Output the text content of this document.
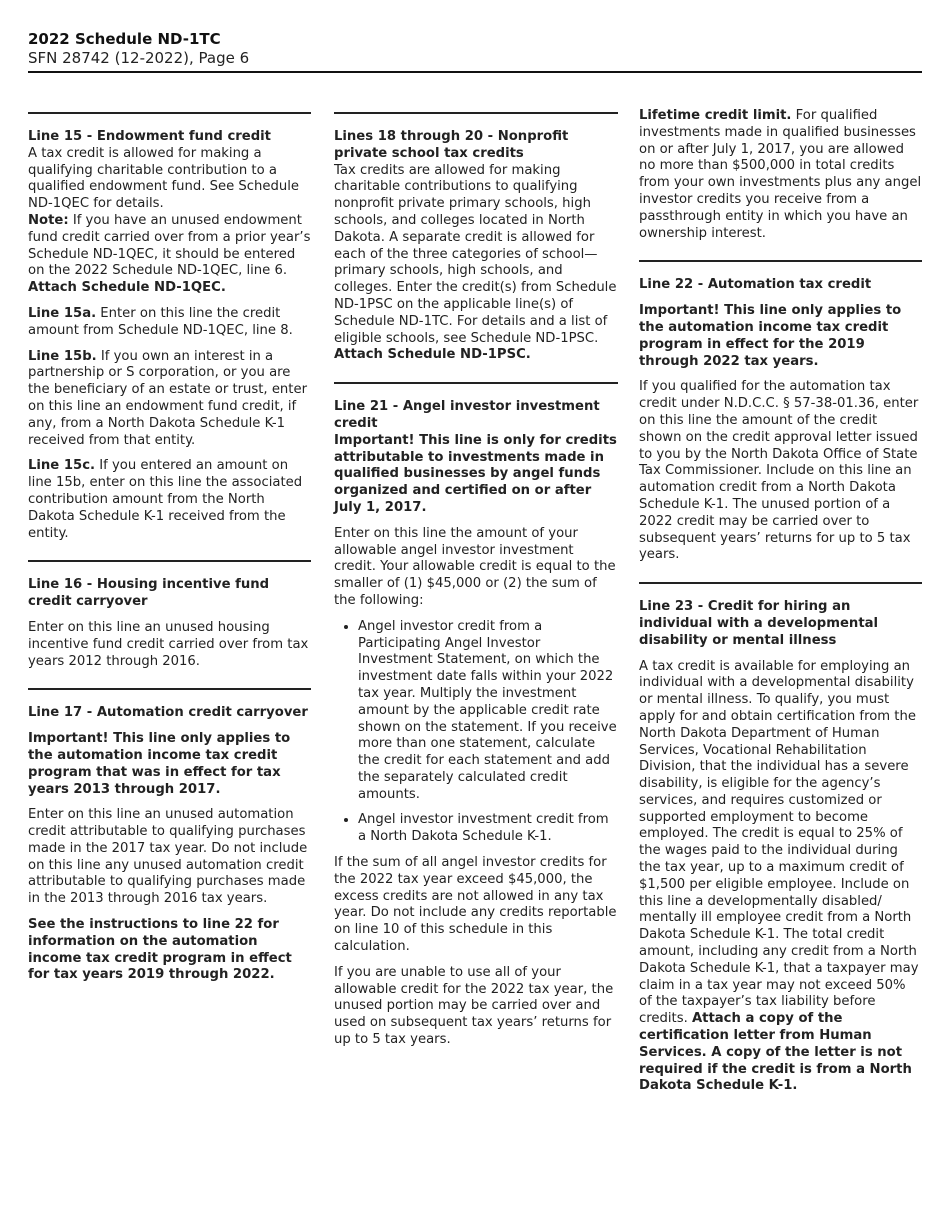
2022 Schedule ND-1TC
SFN 28742 (12-2022), Page 6

Line 15 - Endowment fund credit

A tax credit is allowed for making a qualifying charitable contribution to a qualified endowment fund. See Schedule ND-1QEC for details.

Note: If you have an unused endowment fund credit carried over from a prior year’s Schedule ND-1QEC, it should be entered on the 2022 Schedule ND-1QEC, line 6. Attach Schedule ND-1QEC.

Line 15a. Enter on this line the credit amount from Schedule ND-1QEC, line 8.

Line 15b. If you own an interest in a partnership or S corporation, or you are the beneficiary of an estate or trust, enter on this line an endowment fund credit, if any, from a North Dakota Schedule K-1 received from that entity.

Line 15c. If you entered an amount on line 15b, enter on this line the associated contribution amount from the North Dakota Schedule K-1 received from the entity.

Line 16 - Housing incentive fund credit carryover

Enter on this line an unused housing incentive fund credit carried over from tax years 2012 through 2016.

Line 17 - Automation credit carryover

Important! This line only applies to the automation income tax credit program that was in effect for tax years 2013 through 2017.

Enter on this line an unused automation credit attributable to qualifying purchases made in the 2017 tax year. Do not include on this line any unused automation credit attributable to qualifying purchases made in the 2013 through 2016 tax years.

See the instructions to line 22 for information on the automation income tax credit program in effect for tax years 2019 through 2022.

Lines 18 through 20 - Nonprofit private school tax credits

Tax credits are allowed for making charitable contributions to qualifying nonprofit private primary schools, high schools, and colleges located in North Dakota. A separate credit is allowed for each of the three categories of school—primary schools, high schools, and colleges. Enter the credit(s) from Schedule ND-1PSC on the applicable line(s) of Schedule ND-1TC. For details and a list of eligible schools, see Schedule ND-1PSC. Attach Schedule ND-1PSC.

Line 21 - Angel investor investment credit

Important! This line is only for credits attributable to investments made in qualified businesses by angel funds organized and certified on or after July 1, 2017.

Enter on this line the amount of your allowable angel investor investment credit. Your allowable credit is equal to the smaller of (1) $45,000 or (2) the sum of the following:

• Angel investor credit from a Participating Angel Investor Investment Statement, on which the investment date falls within your 2022 tax year. Multiply the investment amount by the applicable credit rate shown on the statement. If you receive more than one statement, calculate the credit for each statement and add the separately calculated credit amounts.
• Angel investor investment credit from a North Dakota Schedule K-1.

If the sum of all angel investor credits for the 2022 tax year exceed $45,000, the excess credits are not allowed in any tax year. Do not include any credits reportable on line 10 of this schedule in this calculation.

If you are unable to use all of your allowable credit for the 2022 tax year, the unused portion may be carried over and used on subsequent tax years’ returns for up to 5 tax years.

Lifetime credit limit. For qualified investments made in qualified businesses on or after July 1, 2017, you are allowed no more than $500,000 in total credits from your own investments plus any angel investor credits you receive from a passthrough entity in which you have an ownership interest.

Line 22 - Automation tax credit

Important! This line only applies to the automation income tax credit program in effect for the 2019 through 2022 tax years.

If you qualified for the automation tax credit under N.D.C.C. § 57-38-01.36, enter on this line the amount of the credit shown on the credit approval letter issued to you by the North Dakota Office of State Tax Commissioner. Include on this line an automation credit from a North Dakota Schedule K-1. The unused portion of a 2022 credit may be carried over to subsequent years’ returns for up to 5 tax years.

Line 23 - Credit for hiring an individual with a developmental disability or mental illness

A tax credit is available for employing an individual with a developmental disability or mental illness. To qualify, you must apply for and obtain certification from the North Dakota Department of Human Services, Vocational Rehabilitation Division, that the individual has a severe disability, is eligible for the agency’s services, and requires customized or supported employment to become employed. The credit is equal to 25% of the wages paid to the individual during the tax year, up to a maximum credit of $1,500 per eligible employee. Include on this line a developmentally disabled/ mentally ill employee credit from a North Dakota Schedule K-1. The total credit amount, including any credit from a North Dakota Schedule K-1, that a taxpayer may claim in a tax year may not exceed 50% of the taxpayer’s tax liability before credits. Attach a copy of the certification letter from Human Services. A copy of the letter is not required if the credit is from a North Dakota Schedule K-1.
